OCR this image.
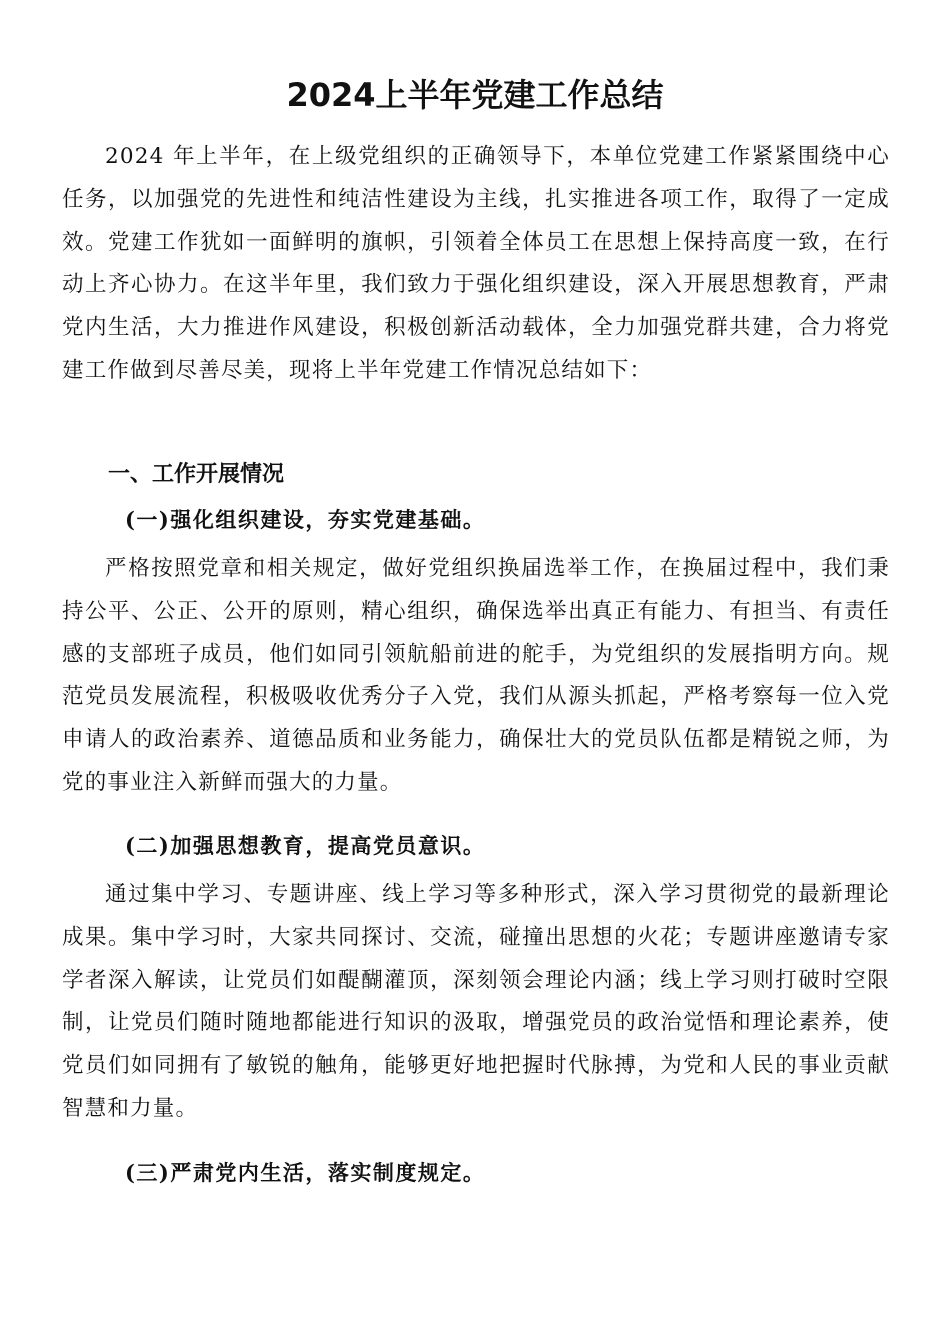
2024上半年党建工作总结

2024 年上半年，在上级党组织的正确领导下，本单位党建工作紧紧围绕中心任务，以加强党的先进性和纯洁性建设为主线，扎实推进各项工作，取得了一定成效。党建工作犹如一面鲜明的旗帜，引领着全体员工在思想上保持高度一致，在行动上齐心协力。在这半年里，我们致力于强化组织建设，深入开展思想教育，严肃党内生活，大力推进作风建设，积极创新活动载体，全力加强党群共建，合力将党建工作做到尽善尽美，现将上半年党建工作情况总结如下：

一、工作开展情况
(一)强化组织建设，夯实党建基础。

严格按照党章和相关规定，做好党组织换届选举工作，在换届过程中，我们秉持公平、公正、公开的原则，精心组织，确保选举出真正有能力、有担当、有责任感的支部班子成员，他们如同引领航船前进的舵手，为党组织的发展指明方向。规范党员发展流程，积极吸收优秀分子入党，我们从源头抓起，严格考察每一位入党申请人的政治素养、道德品质和业务能力，确保壮大的党员队伍都是精锐之师，为党的事业注入新鲜而强大的力量。

(二)加强思想教育，提高党员意识。

通过集中学习、专题讲座、线上学习等多种形式，深入学习贯彻党的最新理论成果。集中学习时，大家共同探讨、交流，碰撞出思想的火花；专题讲座邀请专家学者深入解读，让党员们如醍醐灌顶，深刻领会理论内涵；线上学习则打破时空限制，让党员们随时随地都能进行知识的汲取，增强党员的政治觉悟和理论素养，使党员们如同拥有了敏锐的触角，能够更好地把握时代脉搏，为党和人民的事业贡献智慧和力量。

(三)严肃党内生活，落实制度规定。
